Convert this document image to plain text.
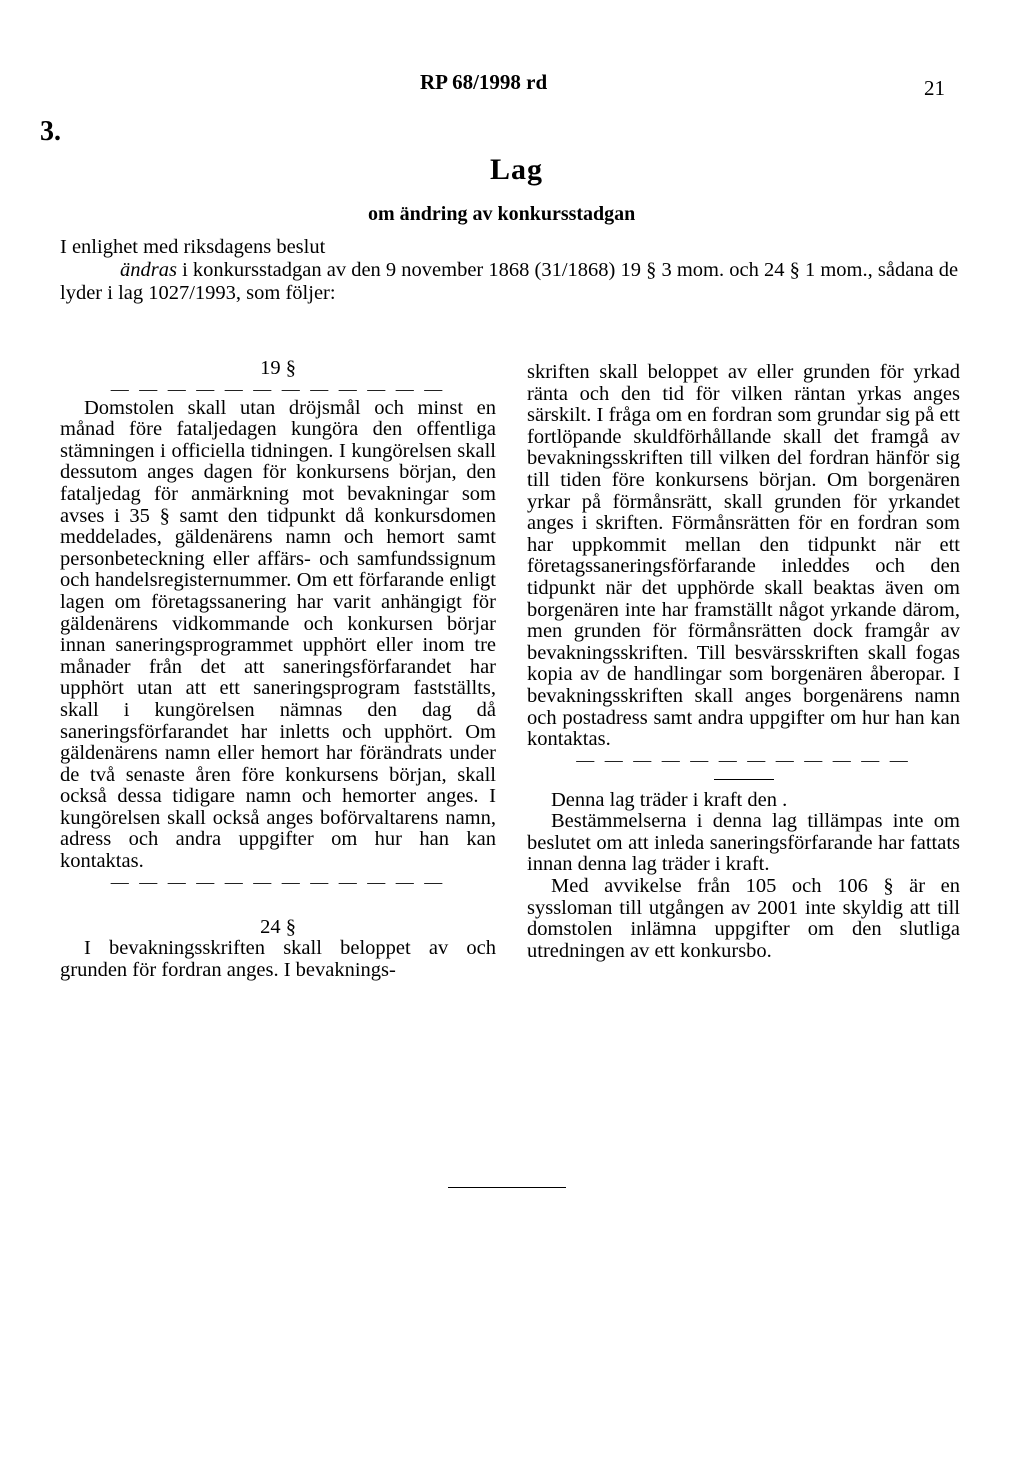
RP 68/1998 rd	21
3.
Lag
om ändring av konkursstadgan

I enlighet med riksdagens beslut

ändras i konkursstadgan av den 9 november 1868 (31/1868) 19 § 3 mom. och 24 § 1 mom., sådana de lyder i lag 1027/1993, som följer:

19 §
— — — — — — — — — — — —

Domstolen skall utan dröjsmål och minst en månad före fataljedagen kungöra den offentliga stämningen i officiella tidningen. I kungörelsen skall dessutom anges dagen för konkursens början, den fataljedag för anmärkning mot bevakningar som avses i 35 § samt den tidpunkt då konkursdomen meddelades, gäldenärens namn och hemort samt personbeteckning eller affärs- och samfundssignum och handelsregisternummer. Om ett förfarande enligt lagen om företagssanering har varit anhängigt för gäldenärens vidkommande och konkursen börjar innan saneringsprogrammet upphört eller inom tre månader från det att saneringsförfarandet har upphört utan att ett saneringsprogram fastställts, skall i kungörelsen nämnas den dag då saneringsförfarandet har inletts och upphört. Om gäldenärens namn eller hemort har förändrats under de två senaste åren före konkursens början, skall också dessa tidigare namn och hemorter anges. I kungörelsen skall också anges boförvaltarens namn, adress och andra uppgifter om hur han kan kontaktas.

— — — — — — — — — — — —
24 §

I bevakningsskriften skall beloppet av och grunden för fordran anges. I bevaknings-

skriften skall beloppet av eller grunden för yrkad ränta och den tid för vilken räntan yrkas anges särskilt. I fråga om en fordran som grundar sig på ett fortlöpande skuldförhållande skall det framgå av bevakningsskriften till vilken del fordran hänför sig till tiden före konkursens början. Om borgenären yrkar på förmånsrätt, skall grunden för yrkandet anges i skriften. Förmånsrätten för en fordran som har uppkommit mellan den tidpunkt när ett företagssaneringsförfarande inleddes och den tidpunkt när det upphörde skall beaktas även om borgenären inte har framställt något yrkande därom, men grunden för förmånsrätten dock framgår av bevakningsskriften. Till besvärsskriften skall fogas kopia av de handlingar som borgenären åberopar. I bevakningsskriften skall anges borgenärens namn och postadress samt andra uppgifter om hur han kan kontaktas.

— — — — — — — — — — — —

Denna lag träder i kraft den .

Bestämmelserna i denna lag tillämpas inte om beslutet om att inleda saneringsförfarande har fattats innan denna lag träder i kraft.

Med avvikelse från 105 och 106 § är en syssloman till utgången av 2001 inte skyldig att till domstolen inlämna uppgifter om den slutliga utredningen av ett konkursbo.
